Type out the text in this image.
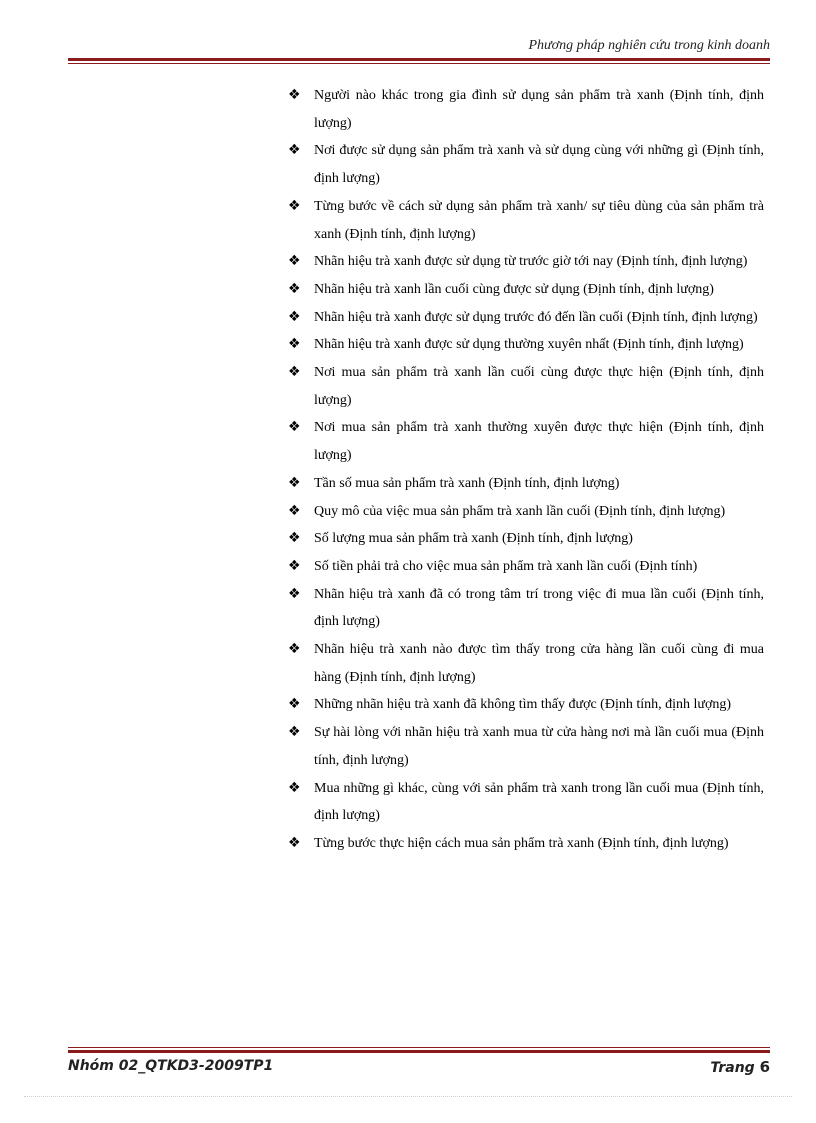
Phương pháp nghiên cứu trong kinh doanh
❖ Người nào khác trong gia đình sử dụng sản phẩm trà xanh (Định tính, định lượng)
❖ Nơi được sử dụng sản phẩm trà xanh và sử dụng cùng với những gì (Định tính, định lượng)
❖ Từng bước về cách sử dụng sản phẩm trà xanh/ sự tiêu dùng của sản phẩm trà xanh (Định tính, định lượng)
❖ Nhãn hiệu trà xanh được sử dụng từ trước giờ tới nay (Định tính, định lượng)
❖ Nhãn hiệu trà xanh lần cuối cùng được sử dụng (Định tính, định lượng)
❖ Nhãn hiệu trà xanh được sử dụng trước đó đến lần cuối (Định tính, định lượng)
❖ Nhãn hiệu trà xanh được sử dụng thường xuyên nhất (Định tính, định lượng)
❖ Nơi mua sản phẩm trà xanh lần cuối cùng được thực hiện (Định tính, định lượng)
❖ Nơi mua sản phẩm trà xanh thường xuyên được thực hiện (Định tính, định lượng)
❖ Tần số mua sản phẩm trà xanh (Định tính, định lượng)
❖ Quy mô của việc mua sản phẩm trà xanh lần cuối (Định tính, định lượng)
❖ Số lượng mua sản phẩm trà xanh (Định tính, định lượng)
❖ Số tiền phải trả cho việc mua sản phẩm trà xanh lần cuối (Định tính)
❖ Nhãn hiệu trà xanh đã có trong tâm trí trong việc đi mua lần cuối (Định tính, định lượng)
❖ Nhãn hiệu trà xanh nào được tìm thấy trong cửa hàng lần cuối cùng đi mua hàng (Định tính, định lượng)
❖ Những nhãn hiệu trà xanh đã không tìm thấy được (Định tính, định lượng)
❖ Sự hài lòng với nhãn hiệu trà xanh mua từ cửa hàng nơi mà lần cuối mua (Định tính, định lượng)
❖ Mua những gì khác, cùng với sản phẩm trà xanh trong lần cuối mua (Định tính, định lượng)
❖ Từng bước thực hiện cách mua sản phẩm trà xanh (Định tính, định lượng)
Nhóm 02_QTKD3-2009TP1	Trang 6
